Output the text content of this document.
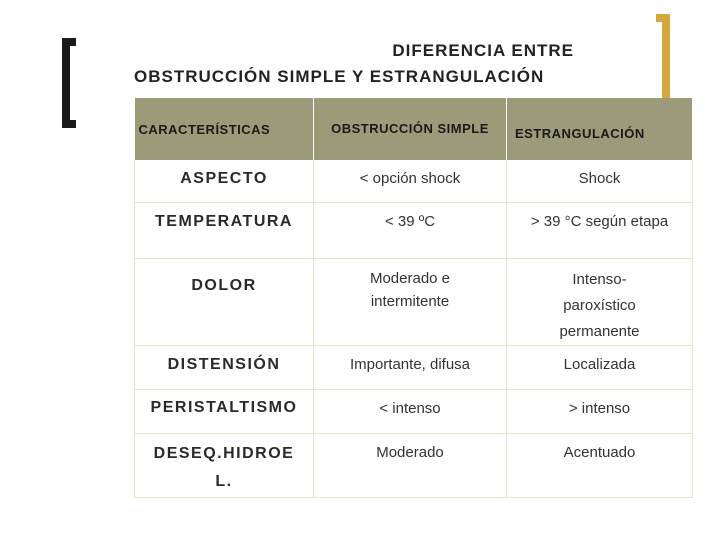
DIFERENCIA ENTRE
OBSTRUCCIÓN SIMPLE Y ESTRANGULACIÓN
CARACTERÍSTICAS	OBSTRUCCIÓN SIMPLE	ESTRANGULACIÓN
ASPECTO	< opción shock	Shock
TEMPERATURA	< 39 ºC	> 39 °C según etapa
DOLOR	Moderado e intermitente	Intenso-paroxístico permanente
DISTENSIÓN	Importante, difusa	Localizada
PERISTALTISMO	< intenso	> intenso
DESEQ.HIDROEL.	Moderado	Acentuado
